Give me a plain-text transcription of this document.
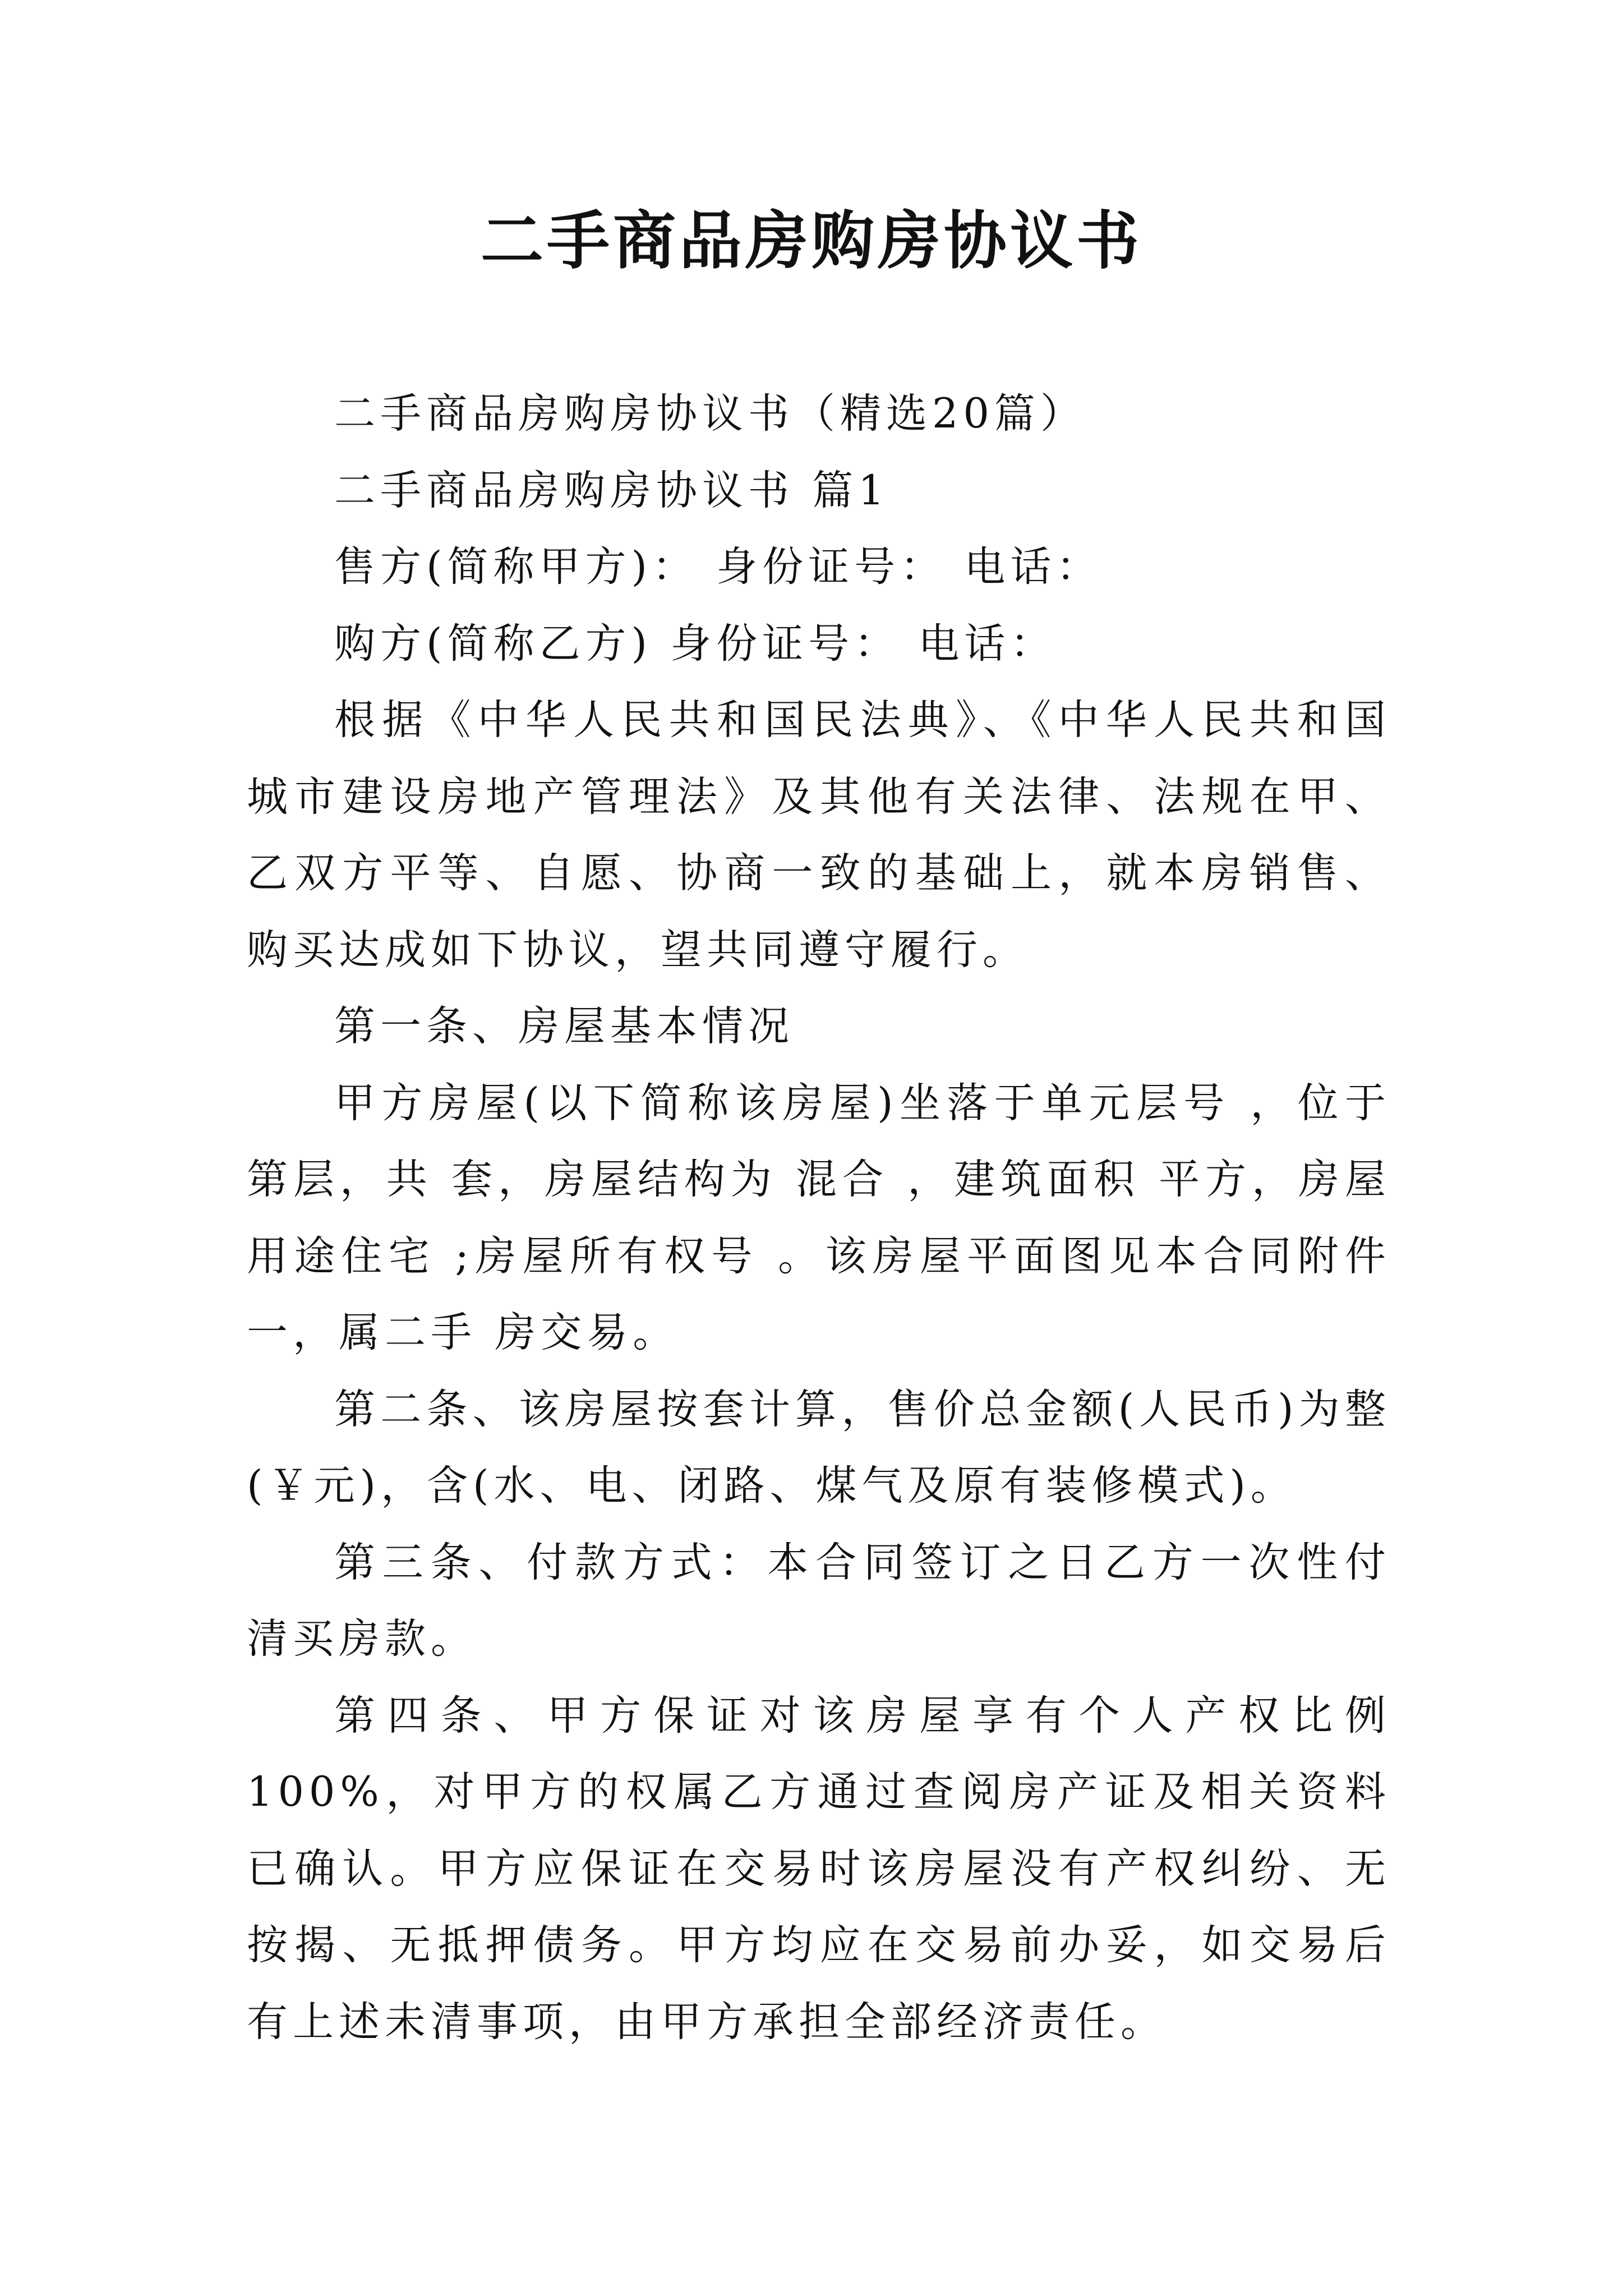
二手商品房购房协议书

二手商品房购房协议书（精选20篇）

二手商品房购房协议书 篇1

售方(简称甲方)： 身份证号： 电话：

购方(简称乙方) 身份证号： 电话：

根据《中华人民共和国民法典》、《中华人民共和国城市建设房地产管理法》及其他有关法律、法规在甲、乙双方平等、自愿、协商一致的基础上，就本房销售、购买达成如下协议，望共同遵守履行。

第一条、房屋基本情况

甲方房屋(以下简称该房屋)坐落于单元层号 ，位于第层，共 套，房屋结构为 混合 ，建筑面积 平方，房屋用途住宅 ;房屋所有权号 。该房屋平面图见本合同附件一，属二手 房交易。

第二条、该房屋按套计算，售价总金额(人民币)为整(￥元)，含(水、电、闭路、煤气及原有装修模式)。

第三条、付款方式：本合同签订之日乙方一次性付清买房款。

第四条、甲方保证对该房屋享有个人产权比例100%，对甲方的权属乙方通过查阅房产证及相关资料已确认。甲方应保证在交易时该房屋没有产权纠纷、无按揭、无抵押债务。甲方均应在交易前办妥，如交易后有上述未清事项，由甲方承担全部经济责任。
